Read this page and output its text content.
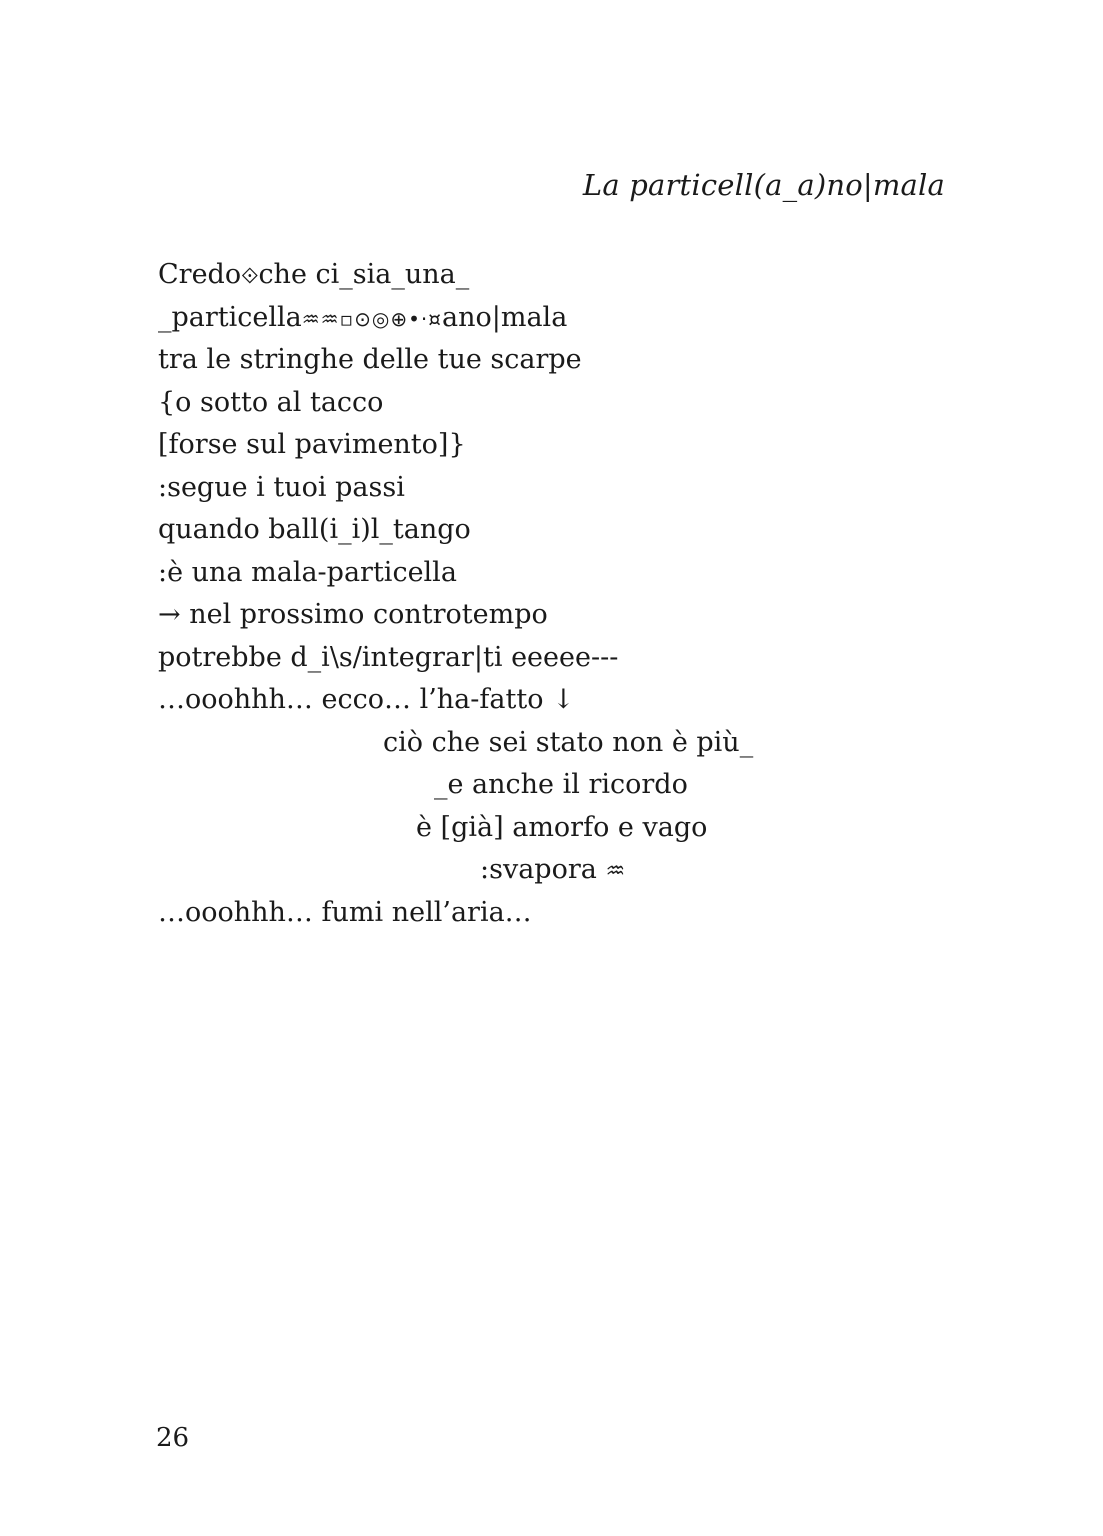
La particell(a_a)no|mala
Credo⟐che ci_sia_una_
_particella♒♒▫⊙◎⊕•·¤ano|mala
tra le stringhe delle tue scarpe
{o sotto al tacco
[forse sul pavimento]}
:segue i tuoi passi
quando ball(i_i)l_tango
:è una mala-particella
→ nel prossimo controtempo
potrebbe d_i\s/integrar|ti eeeee---
…ooohhh… ecco… l’ha-fatto ↓
ciò che sei stato non è più_
_e anche il ricordo
è [già] amorfo e vago
:svapora ♒
…ooohhh… fumi nell’aria…
26
